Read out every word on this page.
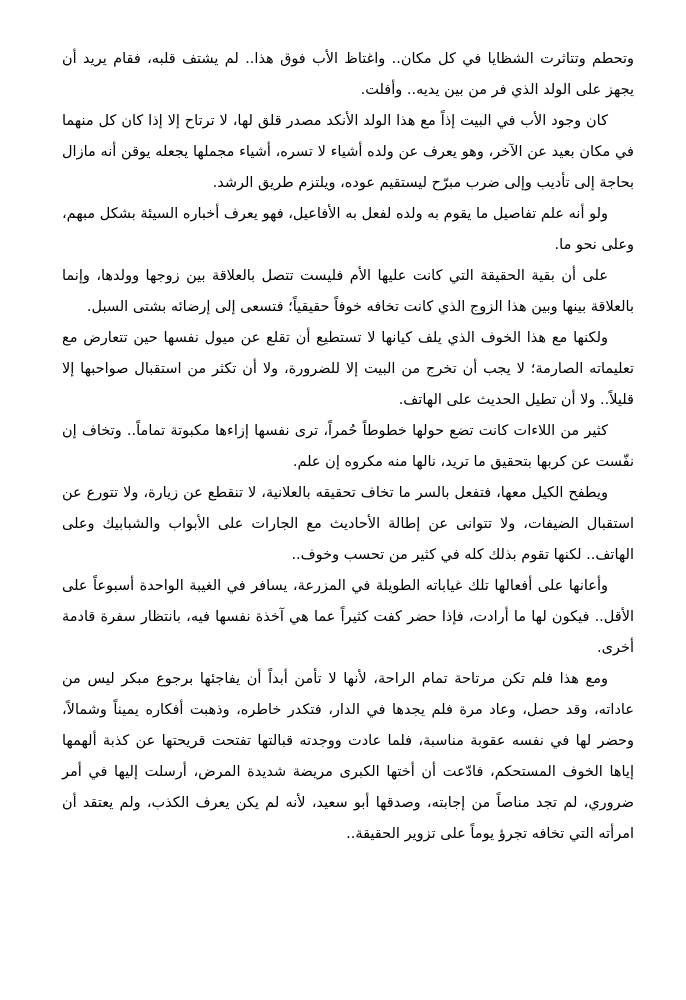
وتحطم وتتاثرت الشظايا في كل مكان.. واغتاظ الأب فوق هذا.. لم يشتف قلبه، فقام يريد أن يجهز على الولد الذي فر من بين يديه.. وأفلت.

كان وجود الأب في البيت إذاً مع هذا الولد الأنكد مصدر قلق لها، لا ترتاح إلا إذا كان كل منهما في مكان بعيد عن الآخر، وهو يعرف عن ولده أشياء لا تسره، أشياء مجملها يجعله يوقن أنه مازال بحاجة إلى تأديب وإلى ضرب مبرّح ليستقيم عوده، ويلتزم طريق الرشد.

ولو أنه علم تفاصيل ما يقوم به ولده لفعل به الأفاعيل، فهو يعرف أخباره السيئة بشكل مبهم، وعلى نحو ما.

على أن بقية الحقيقة التي كانت عليها الأم فليست تتصل بالعلاقة بين زوجها وولدها، وإنما بالعلاقة بينها وبين هذا الزوج الذي كانت تخافه خوفاً حقيقياً؛ فتسعى إلى إرضائه بشتى السبل.

ولكنها مع هذا الخوف الذي يلف كيانها لا تستطيع أن تقلع عن ميول نفسها حين تتعارض مع تعليماته الصارمة؛ لا يجب أن تخرج من البيت إلا للضرورة، ولا أن تكثر من استقبال صواحبها إلا قليلاً.. ولا أن تطيل الحديث على الهاتف.

كثير من اللاءات كانت تضع حولها خطوطاً حُمراً، ترى نفسها إزاءها مكبوتة تماماً.. وتخاف إن نفّست عن كربها بتحقيق ما تريد، نالها منه مكروه إن علم.

ويطفح الكيل معها، فتفعل بالسر ما تخاف تحقيقه بالعلانية، لا تنقطع عن زيارة، ولا تتورع عن استقبال الضيفات، ولا تتوانى عن إطالة الأحاديث مع الجارات على الأبواب والشبابيك وعلى الهاتف.. لكنها تقوم بذلك كله في كثير من تحسب وخوف..

وأعانها على أفعالها تلك غياباته الطويلة في المزرعة، يسافر في الغيبة الواحدة أسبوعاً على الأقل.. فيكون لها ما أرادت، فإذا حضر كفت كثيراً عما هي آخذة نفسها فيه، بانتظار سفرة قادمة أخرى.

ومع هذا فلم تكن مرتاحة تمام الراحة، لأنها لا تأمن أبداً أن يفاجئها برجوع مبكر ليس من عاداته، وقد حصل، وعاد مرة فلم يجدها في الدار، فتكدر خاطره، وذهبت أفكاره يميناً وشمالاً، وحضر لها في نفسه عقوبة مناسبة، فلما عادت ووجدته قبالتها تفتحت قريحتها عن كذبة ألهمها إياها الخوف المستحكم، فادّعت أن أختها الكبرى مريضة شديدة المرض، أرسلت إليها في أمر ضروري، لم تجد مناصاً من إجابته، وصدقها أبو سعيد، لأنه لم يكن يعرف الكذب، ولم يعتقد أن امرأته التي تخافه تجرؤ يوماً على تزوير الحقيقة..
